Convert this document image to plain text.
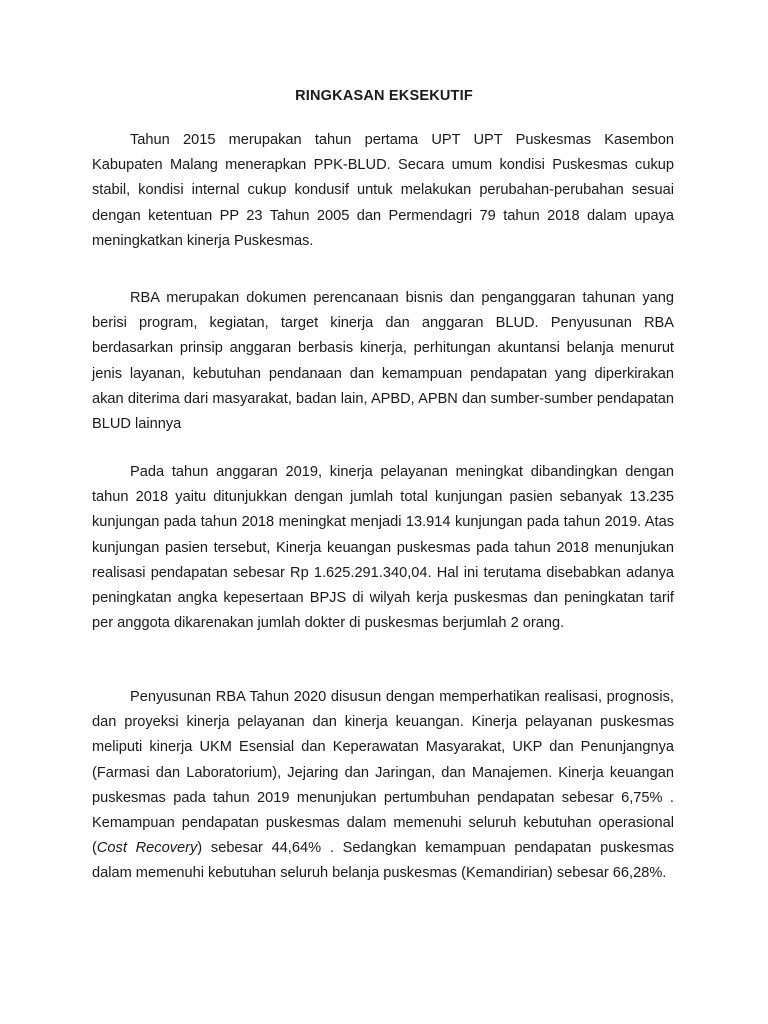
RINGKASAN EKSEKUTIF
Tahun 2015 merupakan tahun pertama UPT UPT Puskesmas Kasembon Kabupaten Malang menerapkan PPK-BLUD. Secara umum kondisi Puskesmas cukup stabil, kondisi internal cukup kondusif untuk melakukan perubahan-perubahan sesuai dengan ketentuan PP 23 Tahun 2005 dan Permendagri 79 tahun 2018 dalam upaya meningkatkan kinerja Puskesmas.
RBA merupakan dokumen perencanaan bisnis dan penganggaran tahunan yang berisi program, kegiatan, target kinerja dan anggaran BLUD. Penyusunan RBA berdasarkan prinsip anggaran berbasis kinerja, perhitungan akuntansi belanja menurut jenis layanan, kebutuhan pendanaan dan kemampuan pendapatan yang diperkirakan akan diterima dari masyarakat, badan lain, APBD, APBN dan sumber-sumber pendapatan BLUD lainnya
Pada tahun anggaran 2019, kinerja pelayanan meningkat dibandingkan dengan tahun 2018 yaitu ditunjukkan dengan jumlah total kunjungan pasien sebanyak 13.235 kunjungan pada tahun 2018 meningkat menjadi 13.914 kunjungan pada tahun 2019. Atas kunjungan pasien tersebut, Kinerja keuangan puskesmas pada tahun 2018 menunjukan realisasi pendapatan sebesar Rp 1.625.291.340,04. Hal ini terutama disebabkan adanya peningkatan angka kepesertaan BPJS di wilyah kerja puskesmas dan peningkatan tarif per anggota dikarenakan jumlah dokter di puskesmas berjumlah 2 orang.
Penyusunan RBA Tahun 2020 disusun dengan memperhatikan realisasi, prognosis, dan proyeksi kinerja pelayanan dan kinerja keuangan. Kinerja pelayanan puskesmas meliputi kinerja UKM Esensial dan Keperawatan Masyarakat, UKP dan Penunjangnya (Farmasi dan Laboratorium), Jejaring dan Jaringan, dan Manajemen. Kinerja keuangan puskesmas pada tahun 2019 menunjukan pertumbuhan pendapatan sebesar 6,75% . Kemampuan pendapatan puskesmas dalam memenuhi seluruh kebutuhan operasional (Cost Recovery) sebesar 44,64% . Sedangkan kemampuan pendapatan puskesmas dalam memenuhi kebutuhan seluruh belanja puskesmas (Kemandirian) sebesar 66,28%.
